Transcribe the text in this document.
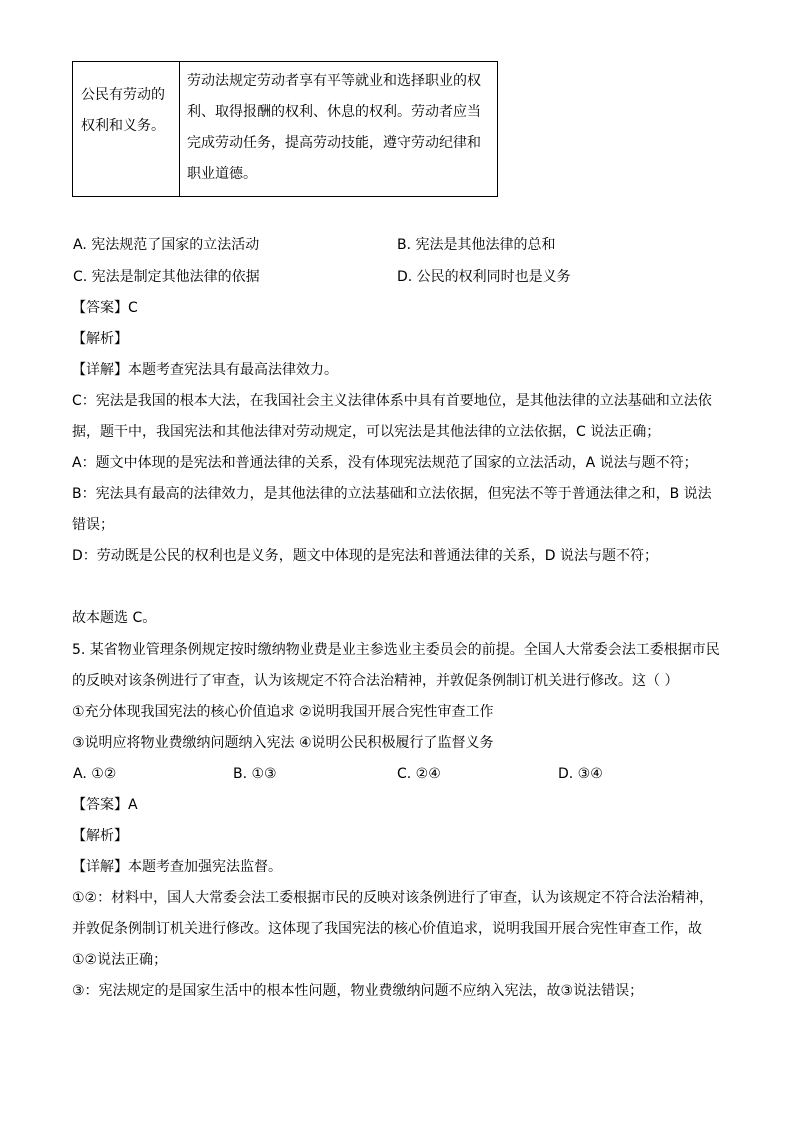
公民有劳动的权利和义务。	劳动法规定劳动者享有平等就业和选择职业的权利、取得报酬的权利、休息的权利。劳动者应当完成劳动任务，提高劳动技能，遵守劳动纪律和职业道德。
A. 宪法规范了国家的立法活动	B. 宪法是其他法律的总和
C. 宪法是制定其他法律的依据	D. 公民的权利同时也是义务
【答案】C
【解析】
【详解】本题考查宪法具有最高法律效力。
C：宪法是我国的根本大法，在我国社会主义法律体系中具有首要地位，是其他法律的立法基础和立法依
据，题干中，我国宪法和其他法律对劳动规定，可以宪法是其他法律的立法依据，C 说法正确；
A：题文中体现的是宪法和普通法律的关系，没有体现宪法规范了国家的立法活动，A 说法与题不符；
B：宪法具有最高的法律效力，是其他法律的立法基础和立法依据，但宪法不等于普通法律之和，B 说法
错误；
D：劳动既是公民的权利也是义务，题文中体现的是宪法和普通法律的关系，D 说法与题不符；
故本题选 C。
5. 某省物业管理条例规定按时缴纳物业费是业主参选业主委员会的前提。全国人大常委会法工委根据市民
的反映对该条例进行了审查，认为该规定不符合法治精神，并敦促条例制订机关进行修改。这（ ）
①充分体现我国宪法的核心价值追求 ②说明我国开展合宪性审查工作
③说明应将物业费缴纳问题纳入宪法 ④说明公民积极履行了监督义务
A. ①②	B. ①③	C. ②④	D. ③④
【答案】A
【解析】
【详解】本题考查加强宪法监督。
①②：材料中，国人大常委会法工委根据市民的反映对该条例进行了审查，认为该规定不符合法治精神，
并敦促条例制订机关进行修改。这体现了我国宪法的核心价值追求，说明我国开展合宪性审查工作，故
①②说法正确；
③：宪法规定的是国家生活中的根本性问题，物业费缴纳问题不应纳入宪法，故③说法错误；
